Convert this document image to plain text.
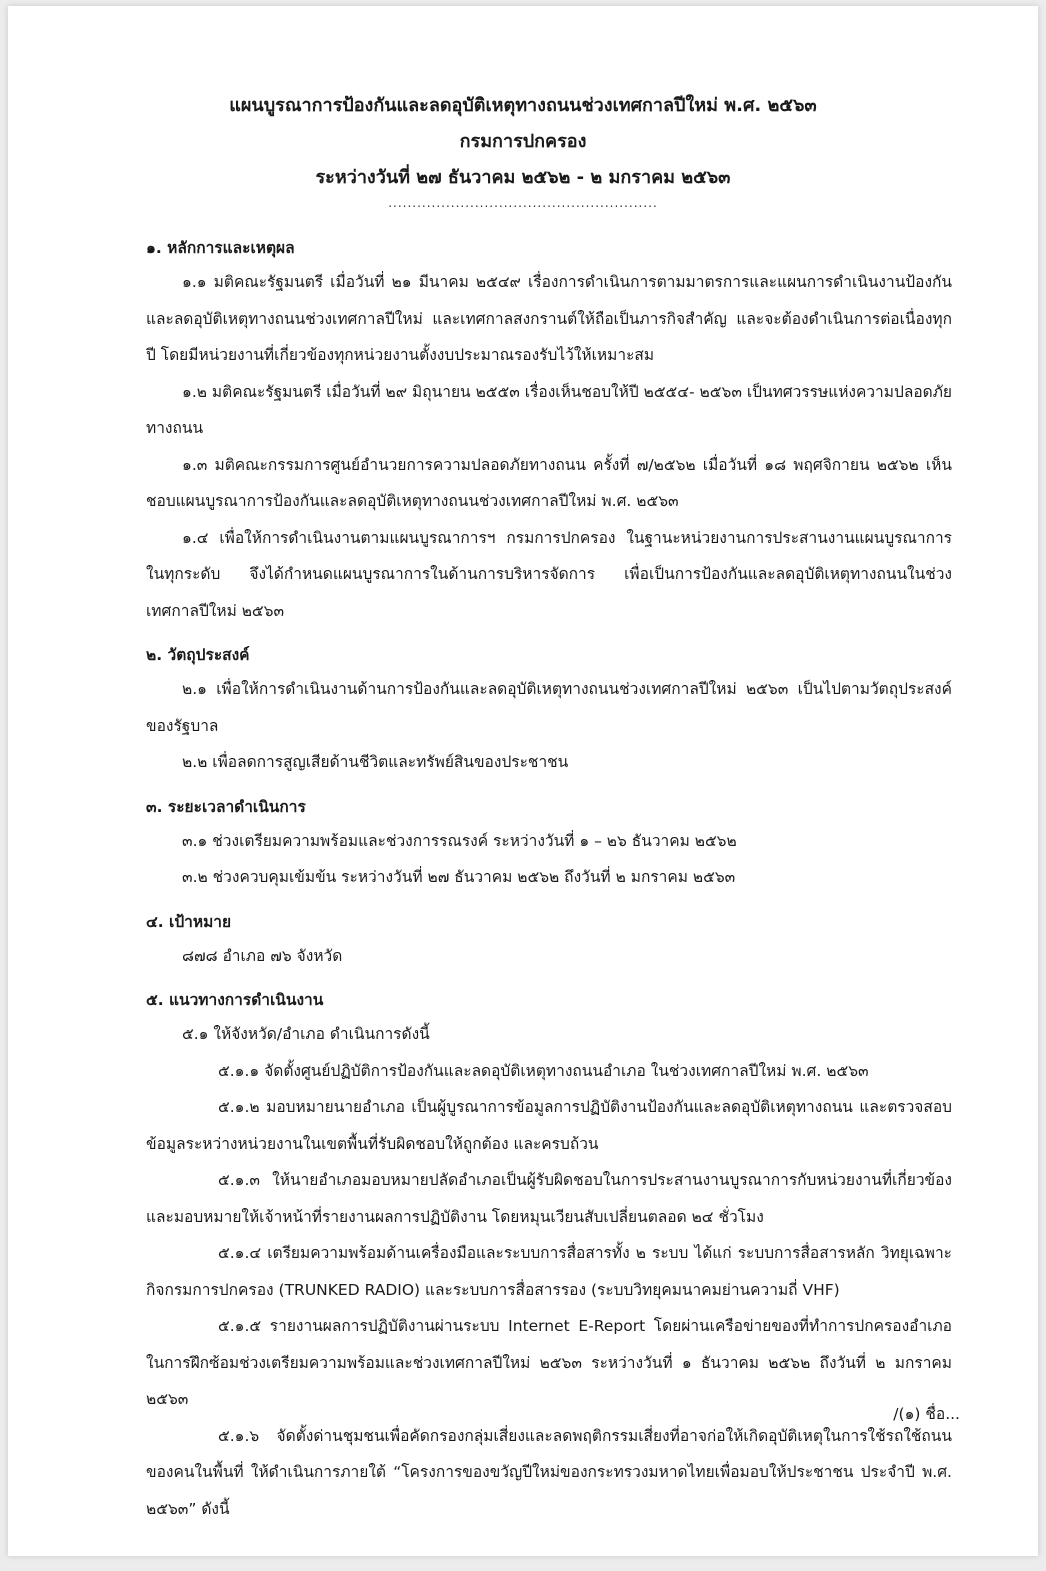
แผนบูรณาการป้องกันและลดอุบัติเหตุทางถนนช่วงเทศกาลปีใหม่ พ.ศ. ๒๕๖๓
กรมการปกครอง
ระหว่างวันที่ ๒๗ ธันวาคม ๒๕๖๒ - ๒ มกราคม ๒๕๖๓
........................................................
๑. หลักการและเหตุผล
๑.๑ มติคณะรัฐมนตรี เมื่อวันที่ ๒๑ มีนาคม ๒๕๔๙ เรื่องการดำเนินการตามมาตรการและแผนการดำเนินงานป้องกันและลดอุบัติเหตุทางถนนช่วงเทศกาลปีใหม่ และเทศกาลสงกรานต์ให้ถือเป็นภารกิจสำคัญ และจะต้องดำเนินการต่อเนื่องทุกปี โดยมีหน่วยงานที่เกี่ยวข้องทุกหน่วยงานตั้งงบประมาณรองรับไว้ให้เหมาะสม
๑.๒ มติคณะรัฐมนตรี เมื่อวันที่ ๒๙ มิถุนายน ๒๕๕๓ เรื่องเห็นชอบให้ปี ๒๕๕๔- ๒๕๖๓ เป็นทศวรรษแห่งความปลอดภัยทางถนน
๑.๓ มติคณะกรรมการศูนย์อำนวยการความปลอดภัยทางถนน ครั้งที่ ๗/๒๕๖๒ เมื่อวันที่ ๑๘ พฤศจิกายน ๒๕๖๒ เห็นชอบแผนบูรณาการป้องกันและลดอุบัติเหตุทางถนนช่วงเทศกาลปีใหม่ พ.ศ. ๒๕๖๓
๑.๔ เพื่อให้การดำเนินงานตามแผนบูรณาการฯ กรมการปกครอง ในฐานะหน่วยงานการประสานงานแผนบูรณาการในทุกระดับ จึงได้กำหนดแผนบูรณาการในด้านการบริหารจัดการ เพื่อเป็นการป้องกันและลดอุบัติเหตุทางถนนในช่วงเทศกาลปีใหม่ ๒๕๖๓
๒. วัตถุประสงค์
๒.๑ เพื่อให้การดำเนินงานด้านการป้องกันและลดอุบัติเหตุทางถนนช่วงเทศกาลปีใหม่ ๒๕๖๓ เป็นไปตามวัตถุประสงค์ของรัฐบาล
๒.๒ เพื่อลดการสูญเสียด้านชีวิตและทรัพย์สินของประชาชน
๓. ระยะเวลาดำเนินการ
๓.๑ ช่วงเตรียมความพร้อมและช่วงการรณรงค์ ระหว่างวันที่ ๑ – ๒๖ ธันวาคม ๒๕๖๒
๓.๒ ช่วงควบคุมเข้มข้น ระหว่างวันที่ ๒๗ ธันวาคม ๒๕๖๒ ถึงวันที่ ๒ มกราคม ๒๕๖๓
๔. เป้าหมาย
๘๗๘ อำเภอ ๗๖ จังหวัด
๕. แนวทางการดำเนินงาน
๕.๑ ให้จังหวัด/อำเภอ ดำเนินการดังนี้
๕.๑.๑ จัดตั้งศูนย์ปฏิบัติการป้องกันและลดอุบัติเหตุทางถนนอำเภอ ในช่วงเทศกาลปีใหม่ พ.ศ. ๒๕๖๓
๕.๑.๒ มอบหมายนายอำเภอ เป็นผู้บูรณาการข้อมูลการปฏิบัติงานป้องกันและลดอุบัติเหตุทางถนน และตรวจสอบข้อมูลระหว่างหน่วยงานในเขตพื้นที่รับผิดชอบให้ถูกต้อง และครบถ้วน
๕.๑.๓ ให้นายอำเภอมอบหมายปลัดอำเภอเป็นผู้รับผิดชอบในการประสานงานบูรณาการกับหน่วยงานที่เกี่ยวข้อง และมอบหมายให้เจ้าหน้าที่รายงานผลการปฏิบัติงาน โดยหมุนเวียนสับเปลี่ยนตลอด ๒๔ ชั่วโมง
๕.๑.๔ เตรียมความพร้อมด้านเครื่องมือและระบบการสื่อสารทั้ง ๒ ระบบ ได้แก่ ระบบการสื่อสารหลัก วิทยุเฉพาะกิจกรมการปกครอง (TRUNKED RADIO) และระบบการสื่อสารรอง (ระบบวิทยุคมนาคมย่านความถี่ VHF)
๕.๑.๕ รายงานผลการปฏิบัติงานผ่านระบบ Internet E-Report โดยผ่านเครือข่ายของที่ทำการปกครองอำเภอในการฝึกซ้อมช่วงเตรียมความพร้อมและช่วงเทศกาลปีใหม่ ๒๕๖๓ ระหว่างวันที่ ๑ ธันวาคม ๒๕๖๒ ถึงวันที่ ๒ มกราคม ๒๕๖๓
๕.๑.๖ จัดตั้งด่านชุมชนเพื่อคัดกรองกลุ่มเสี่ยงและลดพฤติกรรมเสี่ยงที่อาจก่อให้เกิดอุบัติเหตุในการใช้รถใช้ถนนของคนในพื้นที่ ให้ดำเนินการภายใต้ “โครงการของขวัญปีใหม่ของกระทรวงมหาดไทยเพื่อมอบให้ประชาชน ประจำปี พ.ศ. ๒๕๖๓” ดังนี้
/(๑) ชื่อ...
